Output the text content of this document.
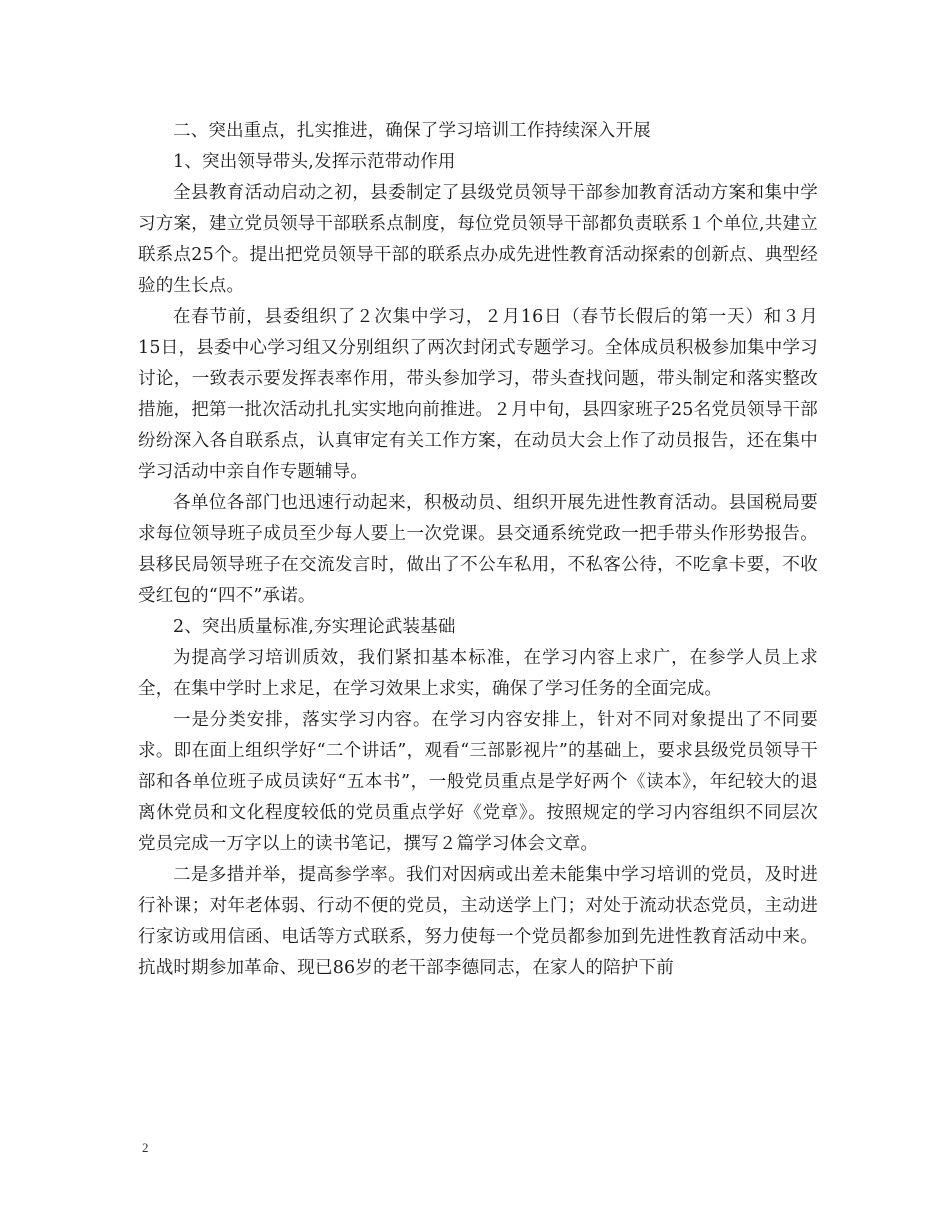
二、突出重点，扎实推进，确保了学习培训工作持续深入开展

1、突出领导带头,发挥示范带动作用

全县教育活动启动之初，县委制定了县级党员领导干部参加教育活动方案和集中学习方案，建立党员领导干部联系点制度，每位党员领导干部都负责联系１个单位,共建立联系点25个。提出把党员领导干部的联系点办成先进性教育活动探索的创新点、典型经验的生长点。

在春节前，县委组织了２次集中学习，２月16日（春节长假后的第一天）和３月15日，县委中心学习组又分别组织了两次封闭式专题学习。全体成员积极参加集中学习讨论，一致表示要发挥表率作用，带头参加学习，带头查找问题，带头制定和落实整改措施，把第一批次活动扎扎实实地向前推进。２月中旬，县四家班子25名党员领导干部纷纷深入各自联系点，认真审定有关工作方案，在动员大会上作了动员报告，还在集中学习活动中亲自作专题辅导。

各单位各部门也迅速行动起来，积极动员、组织开展先进性教育活动。县国税局要求每位领导班子成员至少每人要上一次党课。县交通系统党政一把手带头作形势报告。县移民局领导班子在交流发言时，做出了不公车私用，不私客公待，不吃拿卡要，不收受红包的“四不”承诺。

2、突出质量标准,夯实理论武装基础

为提高学习培训质效，我们紧扣基本标准，在学习内容上求广，在参学人员上求全，在集中学时上求足，在学习效果上求实，确保了学习任务的全面完成。

一是分类安排，落实学习内容。在学习内容安排上，针对不同对象提出了不同要求。即在面上组织学好“二个讲话”，观看“三部影视片”的基础上，要求县级党员领导干部和各单位班子成员读好“五本书”，一般党员重点是学好两个《读本》，年纪较大的退离休党员和文化程度较低的党员重点学好《党章》。按照规定的学习内容组织不同层次党员完成一万字以上的读书笔记，撰写２篇学习体会文章。

二是多措并举，提高参学率。我们对因病或出差未能集中学习培训的党员，及时进行补课；对年老体弱、行动不便的党员，主动送学上门；对处于流动状态党员，主动进行家访或用信函、电话等方式联系，努力使每一个党员都参加到先进性教育活动中来。抗战时期参加革命、现已86岁的老干部李德同志，在家人的陪护下前

2
